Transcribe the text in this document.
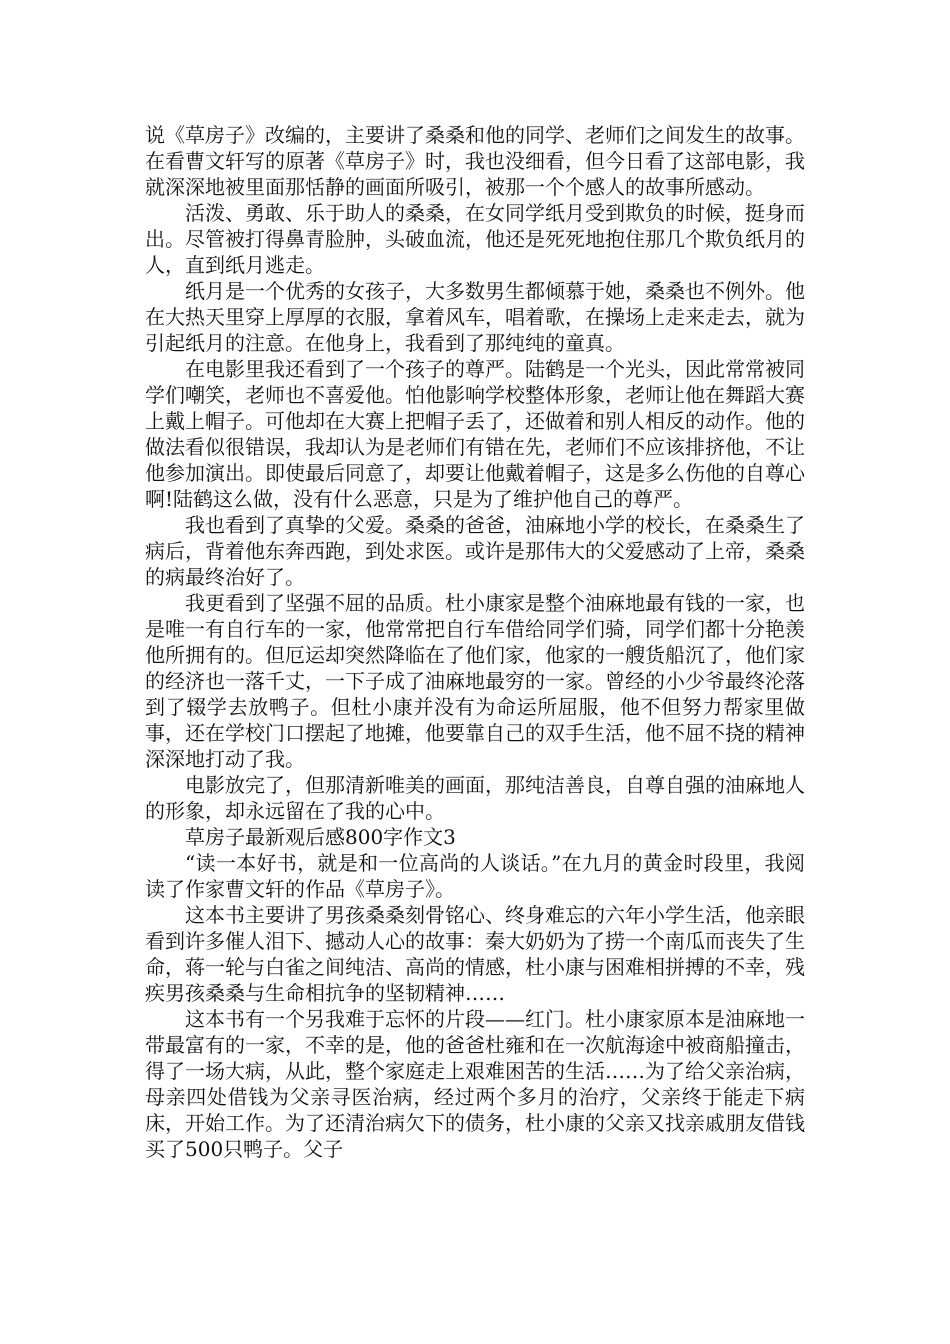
说《草房子》改编的，主要讲了桑桑和他的同学、老师们之间发生的故事。在看曹文轩写的原著《草房子》时，我也没细看，但今日看了这部电影，我就深深地被里面那恬静的画面所吸引，被那一个个感人的故事所感动。

活泼、勇敢、乐于助人的桑桑，在女同学纸月受到欺负的时候，挺身而出。尽管被打得鼻青脸肿，头破血流，他还是死死地抱住那几个欺负纸月的人，直到纸月逃走。

纸月是一个优秀的女孩子，大多数男生都倾慕于她，桑桑也不例外。他在大热天里穿上厚厚的衣服，拿着风车，唱着歌，在操场上走来走去，就为引起纸月的注意。在他身上，我看到了那纯纯的童真。

在电影里我还看到了一个孩子的尊严。陆鹤是一个光头，因此常常被同学们嘲笑，老师也不喜爱他。怕他影响学校整体形象，老师让他在舞蹈大赛上戴上帽子。可他却在大赛上把帽子丢了，还做着和别人相反的动作。他的做法看似很错误，我却认为是老师们有错在先，老师们不应该排挤他，不让他参加演出。即使最后同意了，却要让他戴着帽子，这是多么伤他的自尊心啊!陆鹤这么做，没有什么恶意，只是为了维护他自己的尊严。

我也看到了真挚的父爱。桑桑的爸爸，油麻地小学的校长，在桑桑生了病后，背着他东奔西跑，到处求医。或许是那伟大的父爱感动了上帝，桑桑的病最终治好了。

我更看到了坚强不屈的品质。杜小康家是整个油麻地最有钱的一家，也是唯一有自行车的一家，他常常把自行车借给同学们骑，同学们都十分艳羡他所拥有的。但厄运却突然降临在了他们家，他家的一艘货船沉了，他们家的经济也一落千丈，一下子成了油麻地最穷的一家。曾经的小少爷最终沦落到了辍学去放鸭子。但杜小康并没有为命运所屈服，他不但努力帮家里做事，还在学校门口摆起了地摊，他要靠自己的双手生活，他不屈不挠的精神深深地打动了我。

电影放完了，但那清新唯美的画面，那纯洁善良，自尊自强的油麻地人的形象，却永远留在了我的心中。

草房子最新观后感800字作文3

“读一本好书，就是和一位高尚的人谈话。”在九月的黄金时段里，我阅读了作家曹文轩的作品《草房子》。

这本书主要讲了男孩桑桑刻骨铭心、终身难忘的六年小学生活，他亲眼看到许多催人泪下、撼动人心的故事：秦大奶奶为了捞一个南瓜而丧失了生命，蒋一轮与白雀之间纯洁、高尚的情感，杜小康与困难相拼搏的不幸，残疾男孩桑桑与生命相抗争的坚韧精神……

这本书有一个另我难于忘怀的片段——红门。杜小康家原本是油麻地一带最富有的一家，不幸的是，他的爸爸杜雍和在一次航海途中被商船撞击，得了一场大病，从此，整个家庭走上艰难困苦的生活……为了给父亲治病，母亲四处借钱为父亲寻医治病，经过两个多月的治疗，父亲终于能走下病床，开始工作。为了还清治病欠下的债务，杜小康的父亲又找亲戚朋友借钱买了500只鸭子。父子
